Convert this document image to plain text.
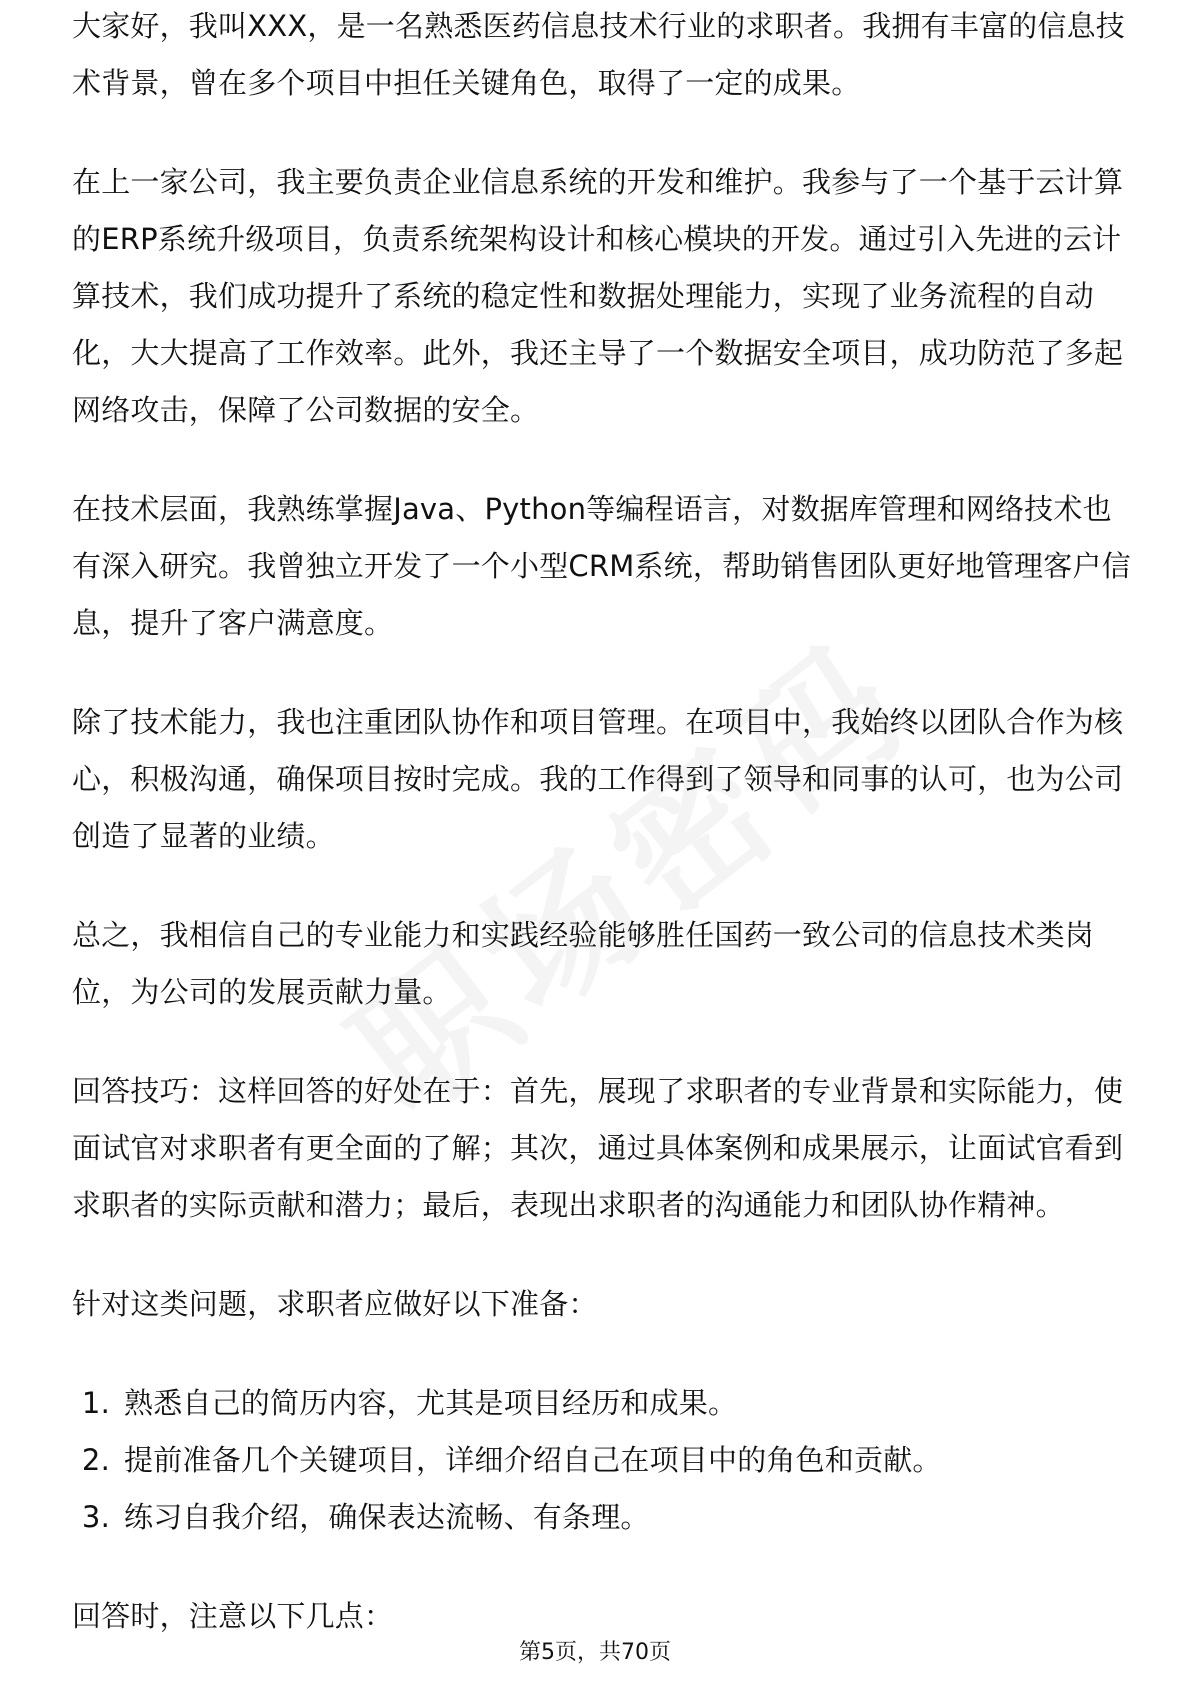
大家好，我叫XXX，是一名熟悉医药信息技术行业的求职者。我拥有丰富的信息技术背景，曾在多个项目中担任关键角色，取得了一定的成果。

在上一家公司，我主要负责企业信息系统的开发和维护。我参与了一个基于云计算的ERP系统升级项目，负责系统架构设计和核心模块的开发。通过引入先进的云计算技术，我们成功提升了系统的稳定性和数据处理能力，实现了业务流程的自动化，大大提高了工作效率。此外，我还主导了一个数据安全项目，成功防范了多起网络攻击，保障了公司数据的安全。

在技术层面，我熟练掌握Java、Python等编程语言，对数据库管理和网络技术也有深入研究。我曾独立开发了一个小型CRM系统，帮助销售团队更好地管理客户信息，提升了客户满意度。

除了技术能力，我也注重团队协作和项目管理。在项目中，我始终以团队合作为核心，积极沟通，确保项目按时完成。我的工作得到了领导和同事的认可，也为公司创造了显著的业绩。

总之，我相信自己的专业能力和实践经验能够胜任国药一致公司的信息技术类岗位，为公司的发展贡献力量。

回答技巧：这样回答的好处在于：首先，展现了求职者的专业背景和实际能力，使面试官对求职者有更全面的了解；其次，通过具体案例和成果展示，让面试官看到求职者的实际贡献和潜力；最后，表现出求职者的沟通能力和团队协作精神。

针对这类问题，求职者应做好以下准备：

1. 熟悉自己的简历内容，尤其是项目经历和成果。
2. 提前准备几个关键项目，详细介绍自己在项目中的角色和贡献。
3. 练习自我介绍，确保表达流畅、有条理。

回答时，注意以下几点：

第5页，共70页
